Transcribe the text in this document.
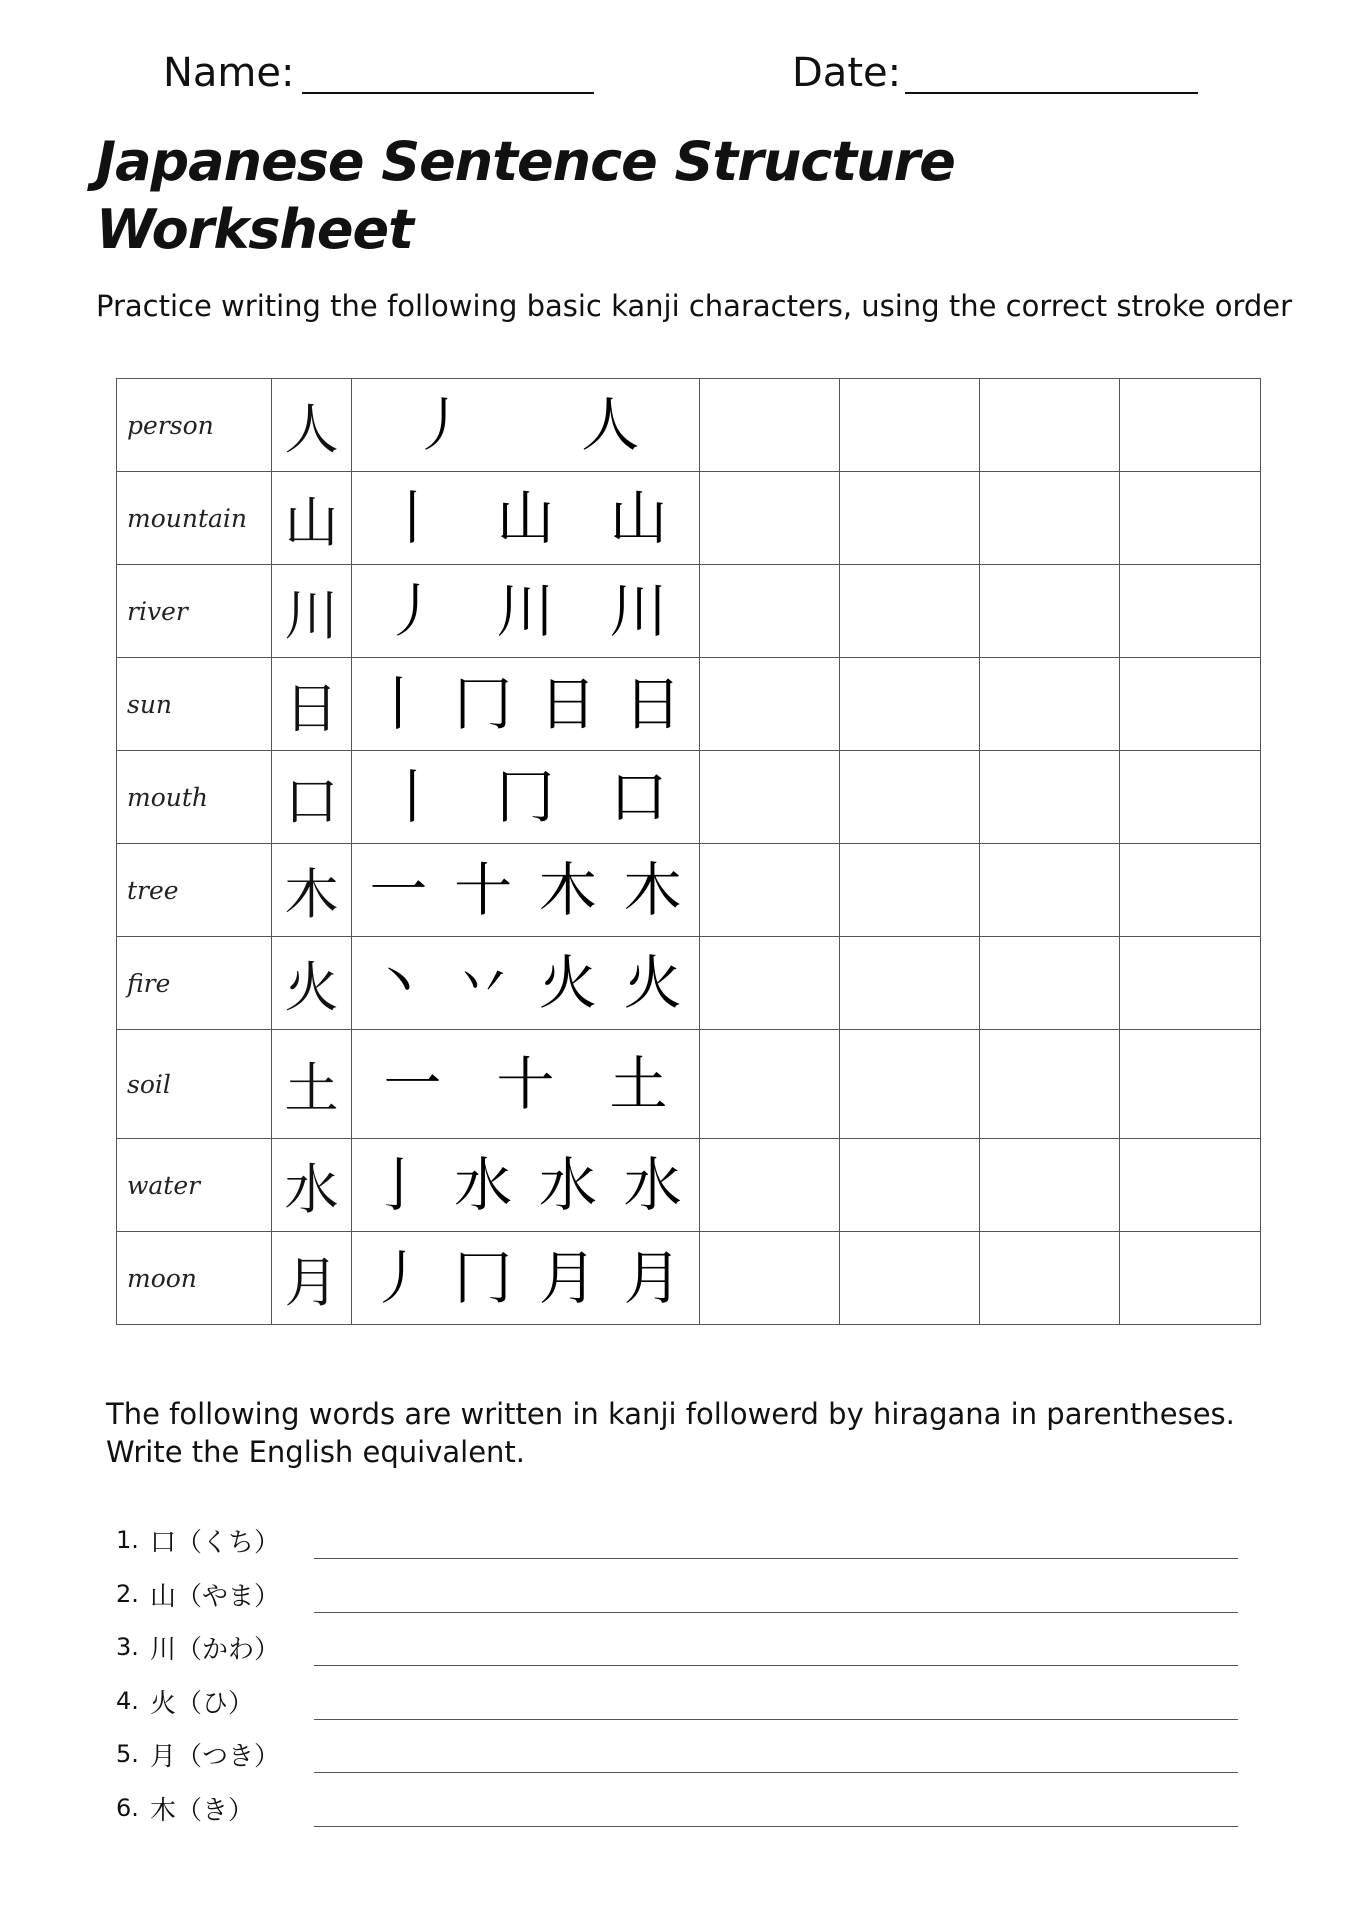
Name:	Date:
Japanese Sentence Structure Worksheet

Practice writing the following basic kanji characters, using the correct stroke order

person	人	丿 人				

mountain	山	丨 山 山				

river	川	丿 川 川				

sun	日	丨 冂 日 日				

mouth	口	丨 冂 口				

tree	木	一 十 木 木				

fire	火	丶 丷 火 火				

soil	土	一 十 土				

water	水	亅 水 水 水				

moon	月	丿 冂 月 月				

The following words are written in kanji followerd by hiragana in parentheses. Write the English equivalent.

1. 口（くち）
2. 山（やま）
3. 川（かわ）
4. 火（ひ）
5. 月（つき）
6. 木（き）
